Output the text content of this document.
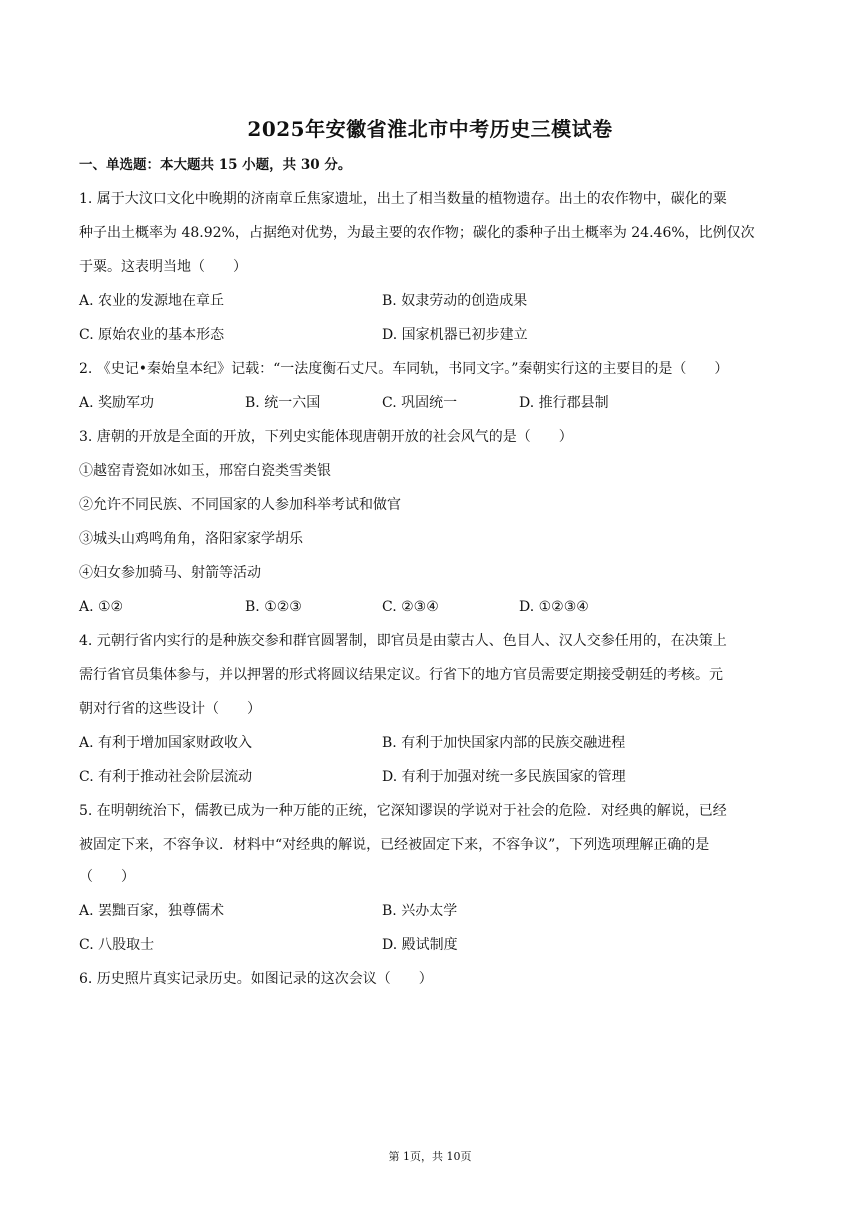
2025年安徽省淮北市中考历史三模试卷
一、单选题：本大题共 15 小题，共 30 分。
1. 属于大汶口文化中晚期的济南章丘焦家遗址，出土了相当数量的植物遗存。出土的农作物中，碳化的粟
种子出土概率为 48.92%，占据绝对优势，为最主要的农作物；碳化的黍种子出土概率为 24.46%，比例仅次
于粟。这表明当地（　　）
A. 农业的发源地在章丘	B. 奴隶劳动的创造成果
C. 原始农业的基本形态	D. 国家机器已初步建立
2. 《史记•秦始皇本纪》记载：“一法度衡石丈尺。车同轨，书同文字。”秦朝实行这的主要目的是（　　）
A. 奖励军功	B. 统一六国	C. 巩固统一	D. 推行郡县制
3. 唐朝的开放是全面的开放，下列史实能体现唐朝开放的社会风气的是（　　）
①越窑青瓷如冰如玉，邢窑白瓷类雪类银
②允许不同民族、不同国家的人参加科举考试和做官
③城头山鸡鸣角角，洛阳家家学胡乐
④妇女参加骑马、射箭等活动
A. ①②	B. ①②③	C. ②③④	D. ①②③④
4. 元朝行省内实行的是种族交参和群官圆署制，即官员是由蒙古人、色目人、汉人交参任用的，在决策上
需行省官员集体参与，并以押署的形式将圆议结果定议。行省下的地方官员需要定期接受朝廷的考核。元
朝对行省的这些设计（　　）
A. 有利于增加国家财政收入	B. 有利于加快国家内部的民族交融进程
C. 有利于推动社会阶层流动	D. 有利于加强对统一多民族国家的管理
5. 在明朝统治下，儒教已成为一种万能的正统，它深知谬误的学说对于社会的危险．对经典的解说，已经
被固定下来，不容争议．材料中“对经典的解说，已经被固定下来，不容争议”，下列选项理解正确的是
（　　）
A. 罢黜百家，独尊儒术	B. 兴办太学
C. 八股取士	D. 殿试制度
6. 历史照片真实记录历史。如图记录的这次会议（　　）
第 1页，共 10页
